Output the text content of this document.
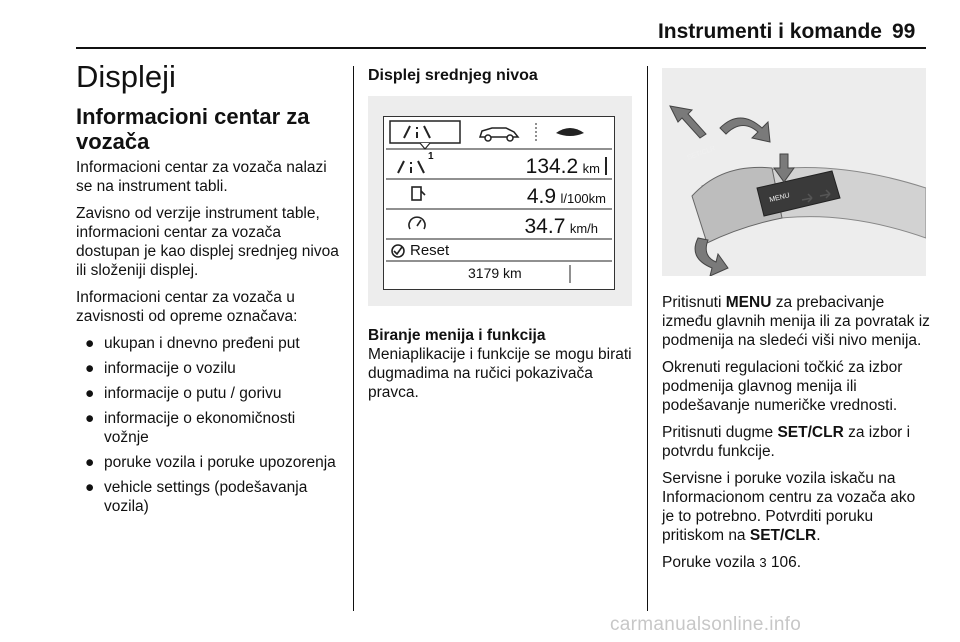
Instrumenti i komande 99
Displeji
Informacioni centar za vozača

Informacioni centar za vozača nalazi se na instrument tabli.

Zavisno od verzije instrument table, informacioni centar za vozača dostupan je kao displej srednjeg nivoa ili složeniji displej.

Informacioni centar za vozača u zavisnosti od opreme označava:

● ukupan i dnevno pređeni put
● informacije o vozilu
● informacije o putu / gorivu
● informacije o ekonomičnosti vožnje
● poruke vozila i poruke upozorenja
● vehicle settings (podešavanja vozila)
Displej srednjeg nivoa
1	134.2 km
4.9 l/100km
34.7 km/h
Reset
3179 km
Biranje menija i funkcija

Meniaplikacije i funkcije se mogu birati dugmadima na ručici pokazivača pravca.

SET/CLR
MENU

Pritisnuti MENU za prebacivanje između glavnih menija ili za povratak iz podmenija na sledeći viši nivo menija.

Okrenuti regulacioni točkić za izbor podmenija glavnog menija ili podešavanje numeričke vrednosti.

Pritisnuti dugme SET/CLR za izbor i potvrdu funkcije.

Servisne i poruke vozila iskaču na Informacionom centru za vozača ako je to potrebno. Potvrditi poruku pritiskom na SET/CLR.

Poruke vozila 3 106.

carmanualsonline.info
